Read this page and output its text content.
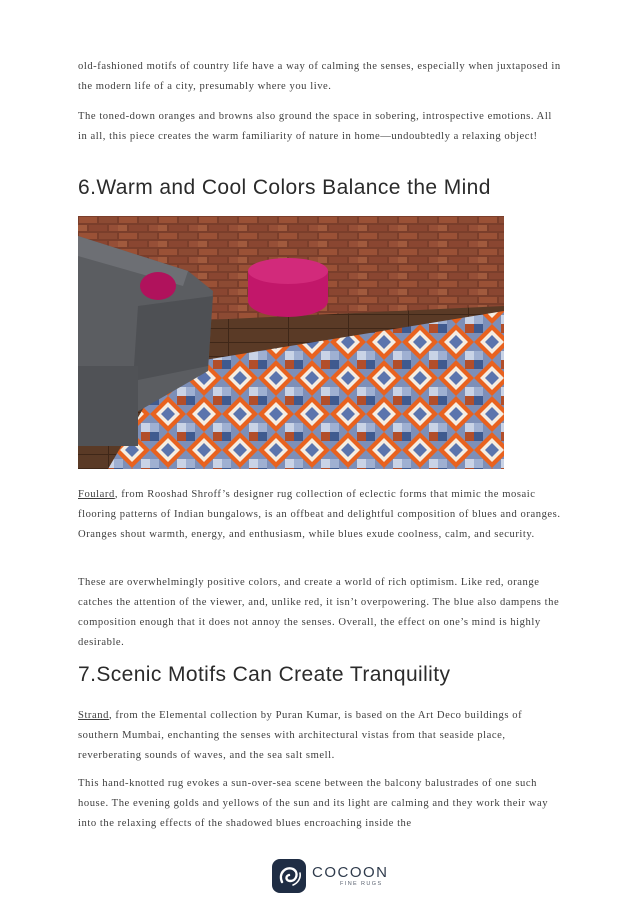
old-fashioned motifs of country life have a way of calming the senses, especially when juxtaposed in the modern life of a city, presumably where you live.

The toned-down oranges and browns also ground the space in sobering, introspective emotions. All in all, this piece creates the warm familiarity of nature in home—undoubtedly a relaxing object!

6.Warm and Cool Colors Balance the Mind

Foulard, from Rooshad Shroff’s designer rug collection of eclectic forms that mimic the mosaic flooring patterns of Indian bungalows, is an offbeat and delightful composition of blues and oranges. Oranges shout warmth, energy, and enthusiasm, while blues exude coolness, calm, and security.

These are overwhelmingly positive colors, and create a world of rich optimism. Like red, orange catches the attention of the viewer, and, unlike red, it isn’t overpowering. The blue also dampens the composition enough that it does not annoy the senses. Overall, the effect on one’s mind is highly desirable.

7.Scenic Motifs Can Create Tranquility

Strand, from the Elemental collection by Puran Kumar, is based on the Art Deco buildings of southern Mumbai, enchanting the senses with architectural vistas from that seaside place, reverberating sounds of waves, and the sea salt smell.

This hand-knotted rug evokes a sun-over-sea scene between the balcony balustrades of one such house. The evening golds and yellows of the sun and its light are calming and they work their way into the relaxing effects of the shadowed blues encroaching inside the

COCOON
FINE RUGS
